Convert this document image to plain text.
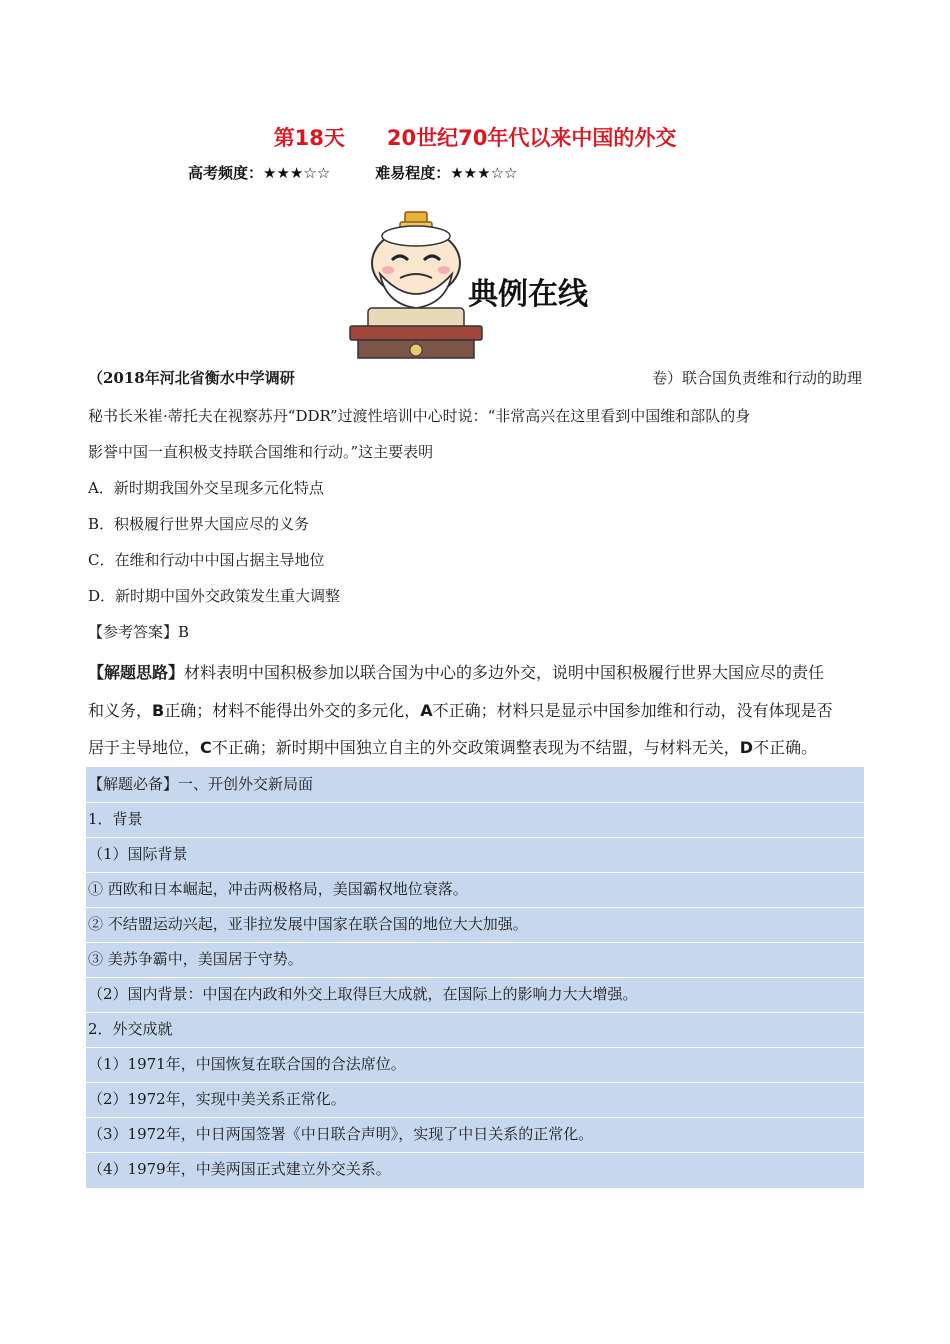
第18天　　20世纪70年代以来中国的外交
高考频度：★★★☆☆　　　难易程度：★★★☆☆
典例在线
（2018年河北省衡水中学调研	卷）联合国负责维和行动的助理
秘书长米崔·蒂托夫在视察苏丹“DDR”过渡性培训中心时说：“非常高兴在这里看到中国维和部队的身
影誉中国一直积极支持联合国维和行动。”这主要表明
A．新时期我国外交呈现多元化特点
B．积极履行世界大国应尽的义务
C．在维和行动中中国占据主导地位
D．新时期中国外交政策发生重大调整
【参考答案】B
【解题思路】材料表明中国积极参加以联合国为中心的多边外交，说明中国积极履行世界大国应尽的责任
和义务，B正确；材料不能得出外交的多元化，A不正确；材料只是显示中国参加维和行动，没有体现是否
居于主导地位，C不正确；新时期中国独立自主的外交政策调整表现为不结盟，与材料无关，D不正确。
【解题必备】一、开创外交新局面
1．背景
（1）国际背景
① 西欧和日本崛起，冲击两极格局，美国霸权地位衰落。
② 不结盟运动兴起，亚非拉发展中国家在联合国的地位大大加强。
③ 美苏争霸中，美国居于守势。
（2）国内背景：中国在内政和外交上取得巨大成就，在国际上的影响力大大增强。
2．外交成就
（1）1971年，中国恢复在联合国的合法席位。
（2）1972年，实现中美关系正常化。
（3）1972年，中日两国签署《中日联合声明》，实现了中日关系的正常化。
（4）1979年，中美两国正式建立外交关系。
